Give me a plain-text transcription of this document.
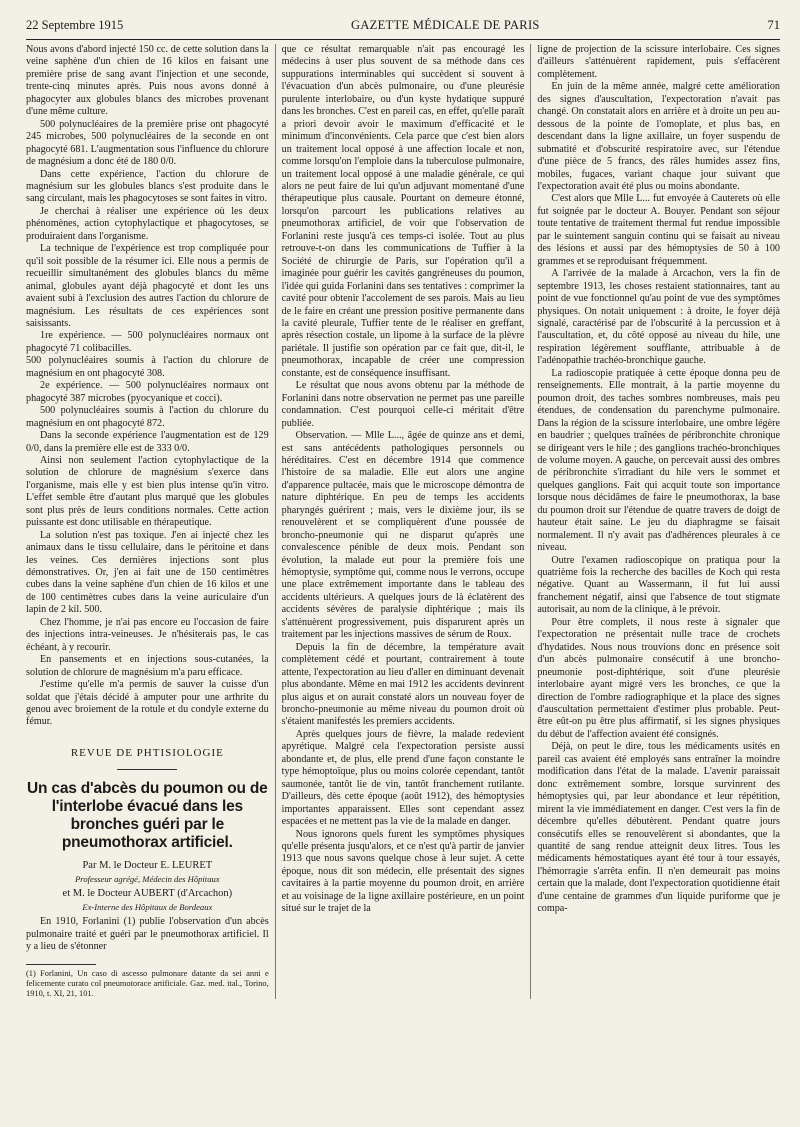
22 Septembre 1915	GAZETTE MÉDICALE DE PARIS	71

Nous avons d'abord injecté 150 cc. de cette solution dans la veine saphène d'un chien de 16 kilos en faisant une première prise de sang avant l'injection et une seconde, trente-cinq minutes après. Puis nous avons donné à phagocyter aux globules blancs des microbes provenant d'une même culture.

500 polynucléaires de la première prise ont phagocyté 245 microbes, 500 polynucléaires de la seconde en ont phagocyté 681. L'augmentation sous l'influence du chlorure de magnésium a donc été de 180 0/0.

Dans cette expérience, l'action du chlorure de magnésium sur les globules blancs s'est produite dans le sang circulant, mais les phagocytoses se sont faites in vitro.

Je cherchai à réaliser une expérience où les deux phénomènes, action cytophylactique et phagocytoses, se produiraient dans l'organisme.

La technique de l'expérience est trop compliquée pour qu'il soit possible de la résumer ici. Elle nous a permis de recueillir simultanément des globules blancs du même animal, globules ayant déjà phagocyté et dont les uns avaient subi à l'exclusion des autres l'action du chlorure de magnésium. Les résultats de ces expériences sont saisissants.

1re expérience. — 500 polynucléaires normaux ont phagocyté 71 colibacilles.

500 polynucléaires soumis à l'action du chlorure de magnésium en ont phagocyté 308.

2e expérience. — 500 polynucléaires normaux ont phagocyté 387 microbes (pyocyanique et cocci).

500 polynucléaires soumis à l'action du chlorure du magnésium en ont phagocyté 872.

Dans la seconde expérience l'augmentation est de 129 0/0, dans la première elle est de 333 0/0.

Ainsi non seulement l'action cytophylactique de la solution de chlorure de magnésium s'exerce dans l'organisme, mais elle y est bien plus intense qu'in vitro. L'effet semble être d'autant plus marqué que les globules sont plus près de leurs conditions normales. Cette action puissante est donc utilisable en thérapeutique.

La solution n'est pas toxique. J'en ai injecté chez les animaux dans le tissu cellulaire, dans le péritoine et dans les veines. Ces dernières injections sont plus démonstratives. Or, j'en ai fait une de 150 centimètres cubes dans la veine saphène d'un chien de 16 kilos et une de 100 centimètres cubes dans la veine auriculaire d'un lapin de 2 kil. 500.

Chez l'homme, je n'ai pas encore eu l'occasion de faire des injections intra-veineuses. Je n'hésiterais pas, le cas échéant, à y recourir.

En pansements et en injections sous-cutanées, la solution de chlorure de magnésium m'a paru efficace.

J'estime qu'elle m'a permis de sauver la cuisse d'un soldat que j'étais décidé à amputer pour une arthrite du genou avec broiement de la rotule et du condyle externe du fémur.

REVUE DE PHTISIOLOGIE
Un cas d'abcès du poumon ou de l'interlobe évacué dans les bronches guéri par le pneumothorax artificiel.
Par M. le Docteur E. LEURET
Professeur agrégé, Médecin des Hôpitaux
et M. le Docteur AUBERT (d'Arcachon)
Ex-Interne des Hôpitaux de Bordeaux

En 1910, Forlanini (1) publie l'observation d'un abcès pulmonaire traité et guéri par le pneumothorax artificiel. Il y a lieu de s'étonner

(1) Forlanini, Un caso di ascesso pulmonare datante da sei anni e felicemente curato col pneumotorace artificiale. Gaz. med. ital., Torino, 1910, t. XI, 21, 101.

que ce résultat remarquable n'ait pas encouragé les médecins à user plus souvent de sa méthode dans ces suppurations interminables qui succèdent si souvent à l'évacuation d'un abcès pulmonaire, ou d'une pleurésie purulente interlobaire, ou d'un kyste hydatique suppuré dans les bronches. C'est en pareil cas, en effet, qu'elle paraît a priori devoir avoir le maximum d'efficacité et le minimum d'inconvénients. Cela parce que c'est bien alors un traitement local opposé à une affection locale et non, comme lorsqu'on l'emploie dans la tuberculose pulmonaire, un traitement local opposé à une maladie générale, ce qui alors ne peut faire de lui qu'un adjuvant momentané d'une thérapeutique plus causale. Pourtant on demeure étonné, lorsqu'on parcourt les publications relatives au pneumothorax artificiel, de voir que l'observation de Forlanini reste jusqu'à ces temps-ci isolée. Tout au plus retrouve-t-on dans les communications de Tuffier à la Société de chirurgie de Paris, sur l'opération qu'il a imaginée pour guérir les cavités gangréneuses du poumon, l'idée qui guida Forlanini dans ses tentatives : comprimer la cavité pour obtenir l'accolement de ses parois. Mais au lieu de le faire en créant une pression positive permanente dans la cavité pleurale, Tuffier tente de le réaliser en greffant, après résection costale, un lipome à la surface de la plèvre pariétale. Il justifie son opération par ce fait que, dit-il, le pneumothorax, incapable de créer une compression constante, est de conséquence insuffisant.

Le résultat que nous avons obtenu par la méthode de Forlanini dans notre observation ne permet pas une pareille condamnation. C'est pourquoi celle-ci méritait d'être publiée.

Observation. — Mlle L..., âgée de quinze ans et demi, est sans antécédents pathologiques personnels ou héréditaires. C'est en décembre 1914 que commence l'histoire de sa maladie. Elle eut alors une angine d'apparence pultacée, mais que le microscope démontra de nature diphtérique. En peu de temps les accidents pharyngés guérirent ; mais, vers le dixième jour, ils se renouvelèrent et se compliquèrent d'une poussée de broncho-pneumonie qui ne disparut qu'après une convalescence pénible de deux mois. Pendant son évolution, la malade eut pour la première fois une hémoptysie, symptôme qui, comme nous le verrons, occupe une place extrêmement importante dans le tableau des accidents ultérieurs. A quelques jours de là éclatèrent des accidents sévères de paralysie diphtérique ; mais ils s'atténuèrent progressivement, puis disparurent après un traitement par les injections massives de sérum de Roux.

Depuis la fin de décembre, la température avait complètement cédé et pourtant, contrairement à toute attente, l'expectoration au lieu d'aller en diminuant devenait plus abondante. Même en mai 1912 les accidents devinrent plus aigus et on aurait constaté alors un nouveau foyer de broncho-pneumonie au même niveau du poumon droit où s'étaient manifestés les premiers accidents.

Après quelques jours de fièvre, la malade redevient apyrétique. Malgré cela l'expectoration persiste aussi abondante et, de plus, elle prend d'une façon constante le type hémoptoïque, plus ou moins colorée cependant, tantôt saumonée, tantôt lie de vin, tantôt franchement rutilante. D'ailleurs, dès cette époque (août 1912), des hémoptysies importantes apparaissent. Elles sont cependant assez espacées et ne mettent pas la vie de la malade en danger.

Nous ignorons quels furent les symptômes physiques qu'elle présenta jusqu'alors, et ce n'est qu'à partir de janvier 1913 que nous savons quelque chose à leur sujet. A cette époque, nous dit son médecin, elle présentait des signes cavitaires à la partie moyenne du poumon droit, en arrière et au voisinage de la ligne axillaire postérieure, en un point situé sur le trajet de la

ligne de projection de la scissure interlobaire. Ces signes d'ailleurs s'atténuèrent rapidement, puis s'effacèrent complètement.

En juin de la même année, malgré cette amélioration des signes d'auscultation, l'expectoration n'avait pas changé. On constatait alors en arrière et à droite un peu au-dessous de la pointe de l'omoplate, et plus bas, en descendant dans la ligne axillaire, un foyer suspendu de submatité et d'obscurité respiratoire avec, sur l'étendue d'une pièce de 5 francs, des râles humides assez fins, mobiles, fugaces, variant chaque jour suivant que l'expectoration avait été plus ou moins abondante.

C'est alors que Mlle L... fut envoyée à Cauterets où elle fut soignée par le docteur A. Bouyer. Pendant son séjour toute tentative de traitement thermal fut rendue impossible par le suintement sanguin continu qui se faisait au niveau des lésions et aussi par des hémoptysies de 50 à 100 grammes et se reproduisant fréquemment.

A l'arrivée de la malade à Arcachon, vers la fin de septembre 1913, les choses restaient stationnaires, tant au point de vue fonctionnel qu'au point de vue des symptômes physiques. On notait uniquement : à droite, le foyer déjà signalé, caractérisé par de l'obscurité à la percussion et à l'auscultation, et, du côté opposé au niveau du hile, une respiration légèrement soufflante, attribuable à de l'adénopathie trachéo-bronchique gauche.

La radioscopie pratiquée à cette époque donna peu de renseignements. Elle montrait, à la partie moyenne du poumon droit, des taches sombres nombreuses, mais peu étendues, de condensation du parenchyme pulmonaire. Dans la région de la scissure interlobaire, une ombre légère en baudrier ; quelques traînées de péribronchite chronique se dirigeant vers le hile ; des ganglions trachéo-bronchiques de volume moyen. A gauche, on percevait aussi des ombres de péribronchite s'irradiant du hile vers le sommet et quelques ganglions. Fait qui acquit toute son importance lorsque nous décidâmes de faire le pneumothorax, la base du poumon droit sur l'étendue de quatre travers de doigt de hauteur était saine. Le jeu du diaphragme se faisait normalement. Il n'y avait pas d'adhérences pleurales à ce niveau.

Outre l'examen radioscopique on pratiqua pour la quatrième fois la recherche des bacilles de Koch qui resta négative. Quant au Wassermann, il fut lui aussi franchement négatif, ainsi que l'absence de tout stigmate autorisait, au nom de la clinique, à le prévoir.

Pour être complets, il nous reste à signaler que l'expectoration ne présentait nulle trace de crochets d'hydatides. Nous nous trouvions donc en présence soit d'un abcès pulmonaire consécutif à une broncho-pneumonie post-diphtérique, soit d'une pleurésie interlobaire ayant migré vers les bronches, ce que la direction de l'ombre radiographique et la place des signes d'auscultation permettaient d'estimer plus probable. Peut-être eût-on pu être plus affirmatif, si les signes physiques du début de l'affection avaient été consignés.

Déjà, on peut le dire, tous les médicaments usités en pareil cas avaient été employés sans entraîner la moindre modification dans l'état de la malade. L'avenir paraissait donc extrêmement sombre, lorsque survinrent des hémoptysies qui, par leur abondance et leur répétition, mirent la vie immédiatement en danger. C'est vers la fin de décembre qu'elles débutèrent. Pendant quatre jours consécutifs elles se renouvelèrent si abondantes, que la quantité de sang rendue atteignit deux litres. Tous les médicaments hémostatiques ayant été tour à tour essayés, l'hémorragie s'arrêta enfin. Il n'en demeurait pas moins certain que la malade, dont l'expectoration quotidienne était d'une centaine de grammes d'un liquide puriforme que je compa-
